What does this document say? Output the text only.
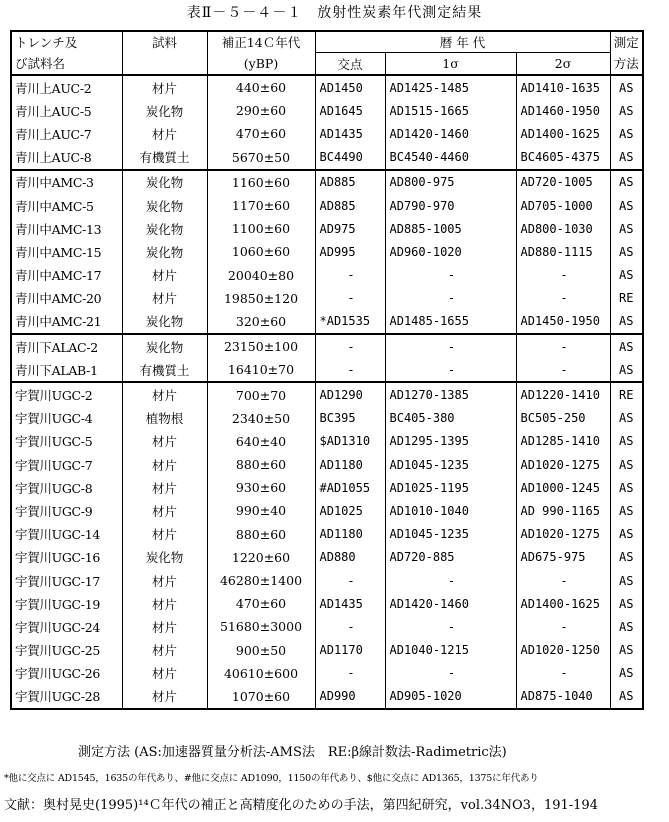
表Ⅱ－５－４－１　放射性炭素年代測定結果
トレンチ及	試料	補正14Ｃ年代	暦 年 代			測定
び試料名		(yBP)	交点	1σ	2σ	方法
青川上AUC-2	材片	440±60	AD1450	AD1425-1485	AD1410-1635	AS
青川上AUC-5	炭化物	290±60	AD1645	AD1515-1665	AD1460-1950	AS
青川上AUC-7	材片	470±60	AD1435	AD1420-1460	AD1400-1625	AS
青川上AUC-8	有機質土	5670±50	BC4490	BC4540-4460	BC4605-4375	AS
青川中AMC-3	炭化物	1160±60	AD885	AD800-975	AD720-1005	AS
青川中AMC-5	炭化物	1170±60	AD885	AD790-970	AD705-1000	AS
青川中AMC-13	炭化物	1100±60	AD975	AD885-1005	AD800-1030	AS
青川中AMC-15	炭化物	1060±60	AD995	AD960-1020	AD880-1115	AS
青川中AMC-17	材片	20040±80	-	-	-	AS
青川中AMC-20	材片	19850±120	-	-	-	RE
青川中AMC-21	炭化物	320±60	*AD1535	AD1485-1655	AD1450-1950	AS
青川下ALAC-2	炭化物	23150±100	-	-	-	AS
青川下ALAB-1	有機質土	16410±70	-	-	-	AS
宇賀川UGC-2	材片	700±70	AD1290	AD1270-1385	AD1220-1410	RE
宇賀川UGC-4	植物根	2340±50	BC395	BC405-380	BC505-250	AS
宇賀川UGC-5	材片	640±40	$AD1310	AD1295-1395	AD1285-1410	AS
宇賀川UGC-7	材片	880±60	AD1180	AD1045-1235	AD1020-1275	AS
宇賀川UGC-8	材片	930±60	#AD1055	AD1025-1195	AD1000-1245	AS
宇賀川UGC-9	材片	990±40	AD1025	AD1010-1040	AD 990-1165	AS
宇賀川UGC-14	材片	880±60	AD1180	AD1045-1235	AD1020-1275	AS
宇賀川UGC-16	炭化物	1220±60	AD880	AD720-885	AD675-975	AS
宇賀川UGC-17	材片	46280±1400	-	-	-	AS
宇賀川UGC-19	材片	470±60	AD1435	AD1420-1460	AD1400-1625	AS
宇賀川UGC-24	材片	51680±3000	-	-	-	AS
宇賀川UGC-25	材片	900±50	AD1170	AD1040-1215	AD1020-1250	AS
宇賀川UGC-26	材片	40610±600	-	-	-	AS
宇賀川UGC-28	材片	1070±60	AD990	AD905-1020	AD875-1040	AS
測定方法 (AS:加速器質量分析法-AMS法　RE:β線計数法-Radimetric法)
*他に交点に AD1545，1635の年代あり、#他に交点に AD1090，1150の年代あり、$他に交点に AD1365，1375に年代あり
文献：奥村晃史(1995)¹⁴Ｃ年代の補正と高精度化のための手法，第四紀研究，vol.34NO3，191-194
